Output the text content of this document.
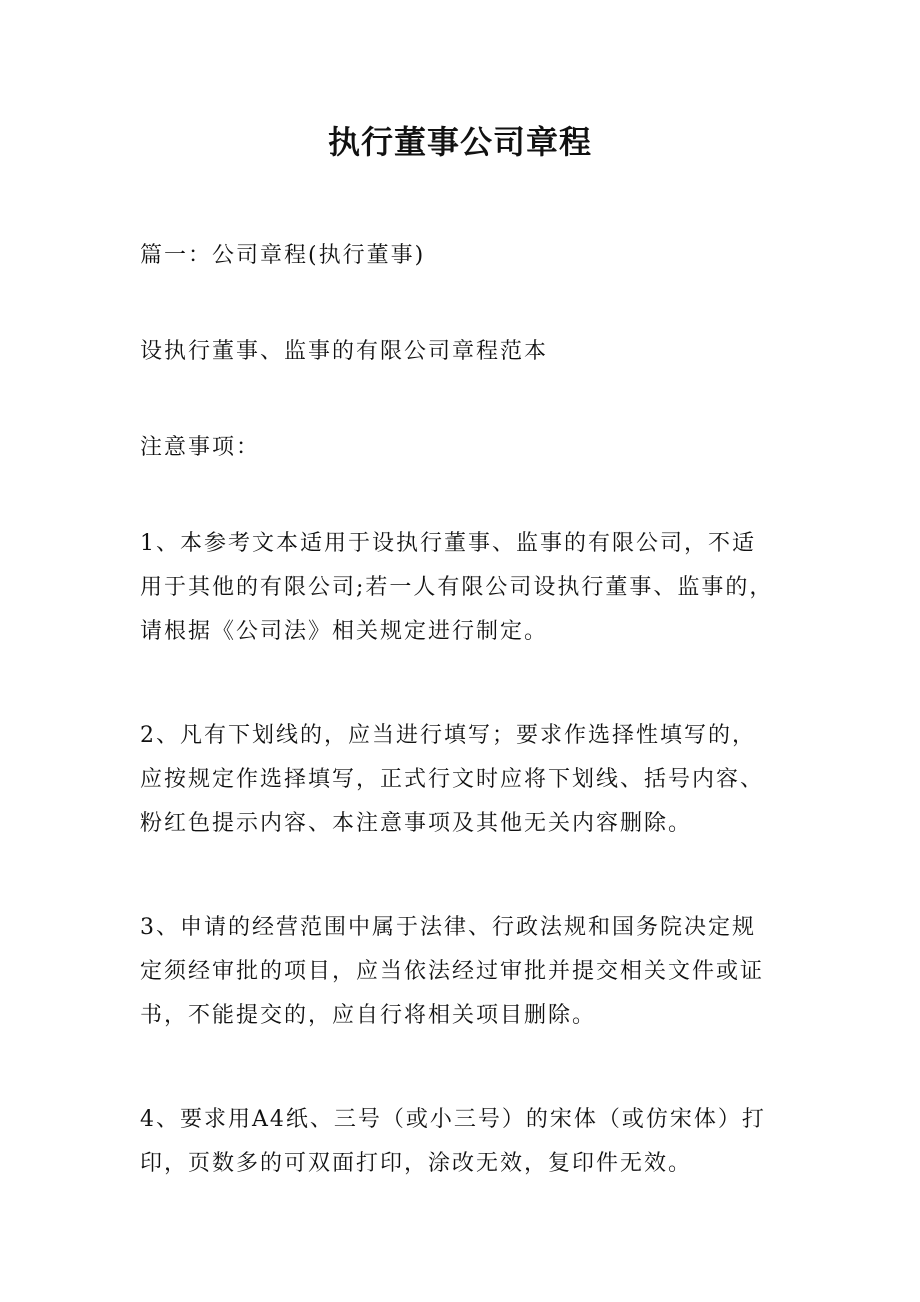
执行董事公司章程

篇一：公司章程(执行董事)

设执行董事、监事的有限公司章程范本

注意事项：

1、本参考文本适用于设执行董事、监事的有限公司，不适
用于其他的有限公司;若一人有限公司设执行董事、监事的，
请根据《公司法》相关规定进行制定。
2、凡有下划线的，应当进行填写；要求作选择性填写的，
应按规定作选择填写，正式行文时应将下划线、括号内容、
粉红色提示内容、本注意事项及其他无关内容删除。
3、申请的经营范围中属于法律、行政法规和国务院决定规
定须经审批的项目，应当依法经过审批并提交相关文件或证
书，不能提交的，应自行将相关项目删除。
4、要求用A4纸、三号（或小三号）的宋体（或仿宋体）打
印，页数多的可双面打印，涂改无效，复印件无效。
